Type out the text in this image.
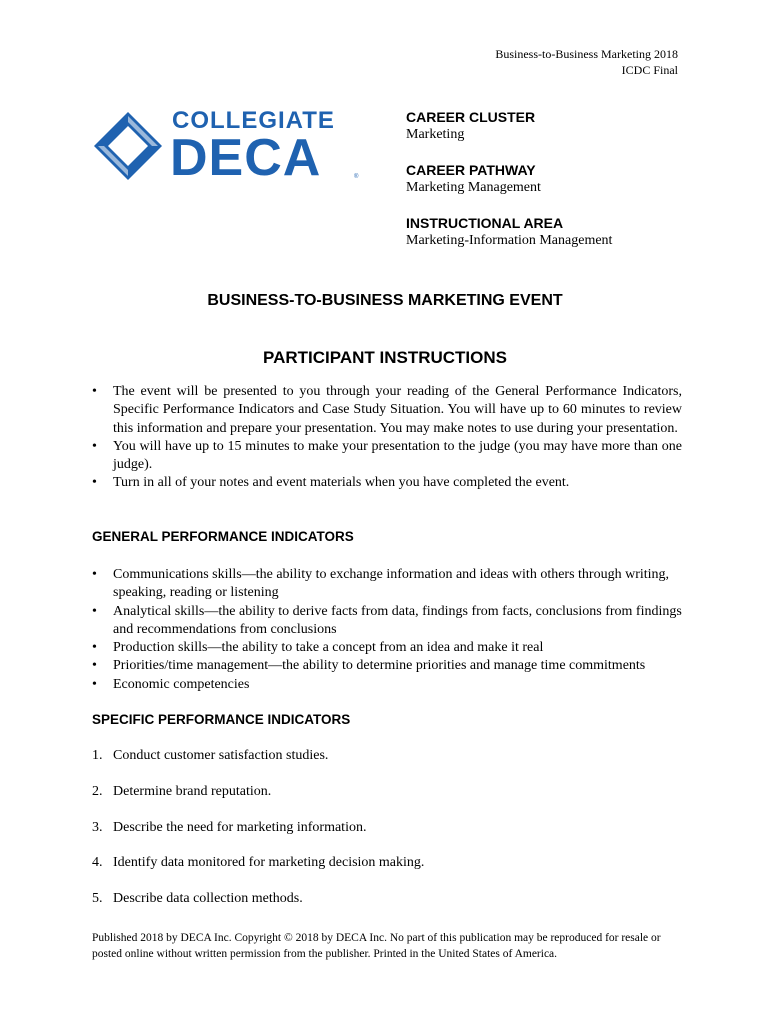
Business-to-Business Marketing 2018
ICDC Final
COLLEGIATE
DECA	®
CAREER CLUSTER
Marketing
CAREER PATHWAY
Marketing Management
INSTRUCTIONAL AREA
Marketing-Information Management
BUSINESS-TO-BUSINESS MARKETING EVENT
PARTICIPANT INSTRUCTIONS
• The event will be presented to you through your reading of the General Performance Indicators, Specific Performance Indicators and Case Study Situation. You will have up to 60 minutes to review this information and prepare your presentation. You may make notes to use during your presentation.
• You will have up to 15 minutes to make your presentation to the judge (you may have more than one judge).
• Turn in all of your notes and event materials when you have completed the event.
GENERAL PERFORMANCE INDICATORS
• Communications skills—the ability to exchange information and ideas with others through writing, speaking, reading or listening
• Analytical skills—the ability to derive facts from data, findings from facts, conclusions from findings and recommendations from conclusions
• Production skills—the ability to take a concept from an idea and make it real
• Priorities/time management—the ability to determine priorities and manage time commitments
• Economic competencies
SPECIFIC PERFORMANCE INDICATORS
1. Conduct customer satisfaction studies.
2. Determine brand reputation.
3. Describe the need for marketing information.
4. Identify data monitored for marketing decision making.
5. Describe data collection methods.
Published 2018 by DECA Inc. Copyright © 2018 by DECA Inc. No part of this publication may be reproduced for resale or posted online without written permission from the publisher. Printed in the United States of America.
